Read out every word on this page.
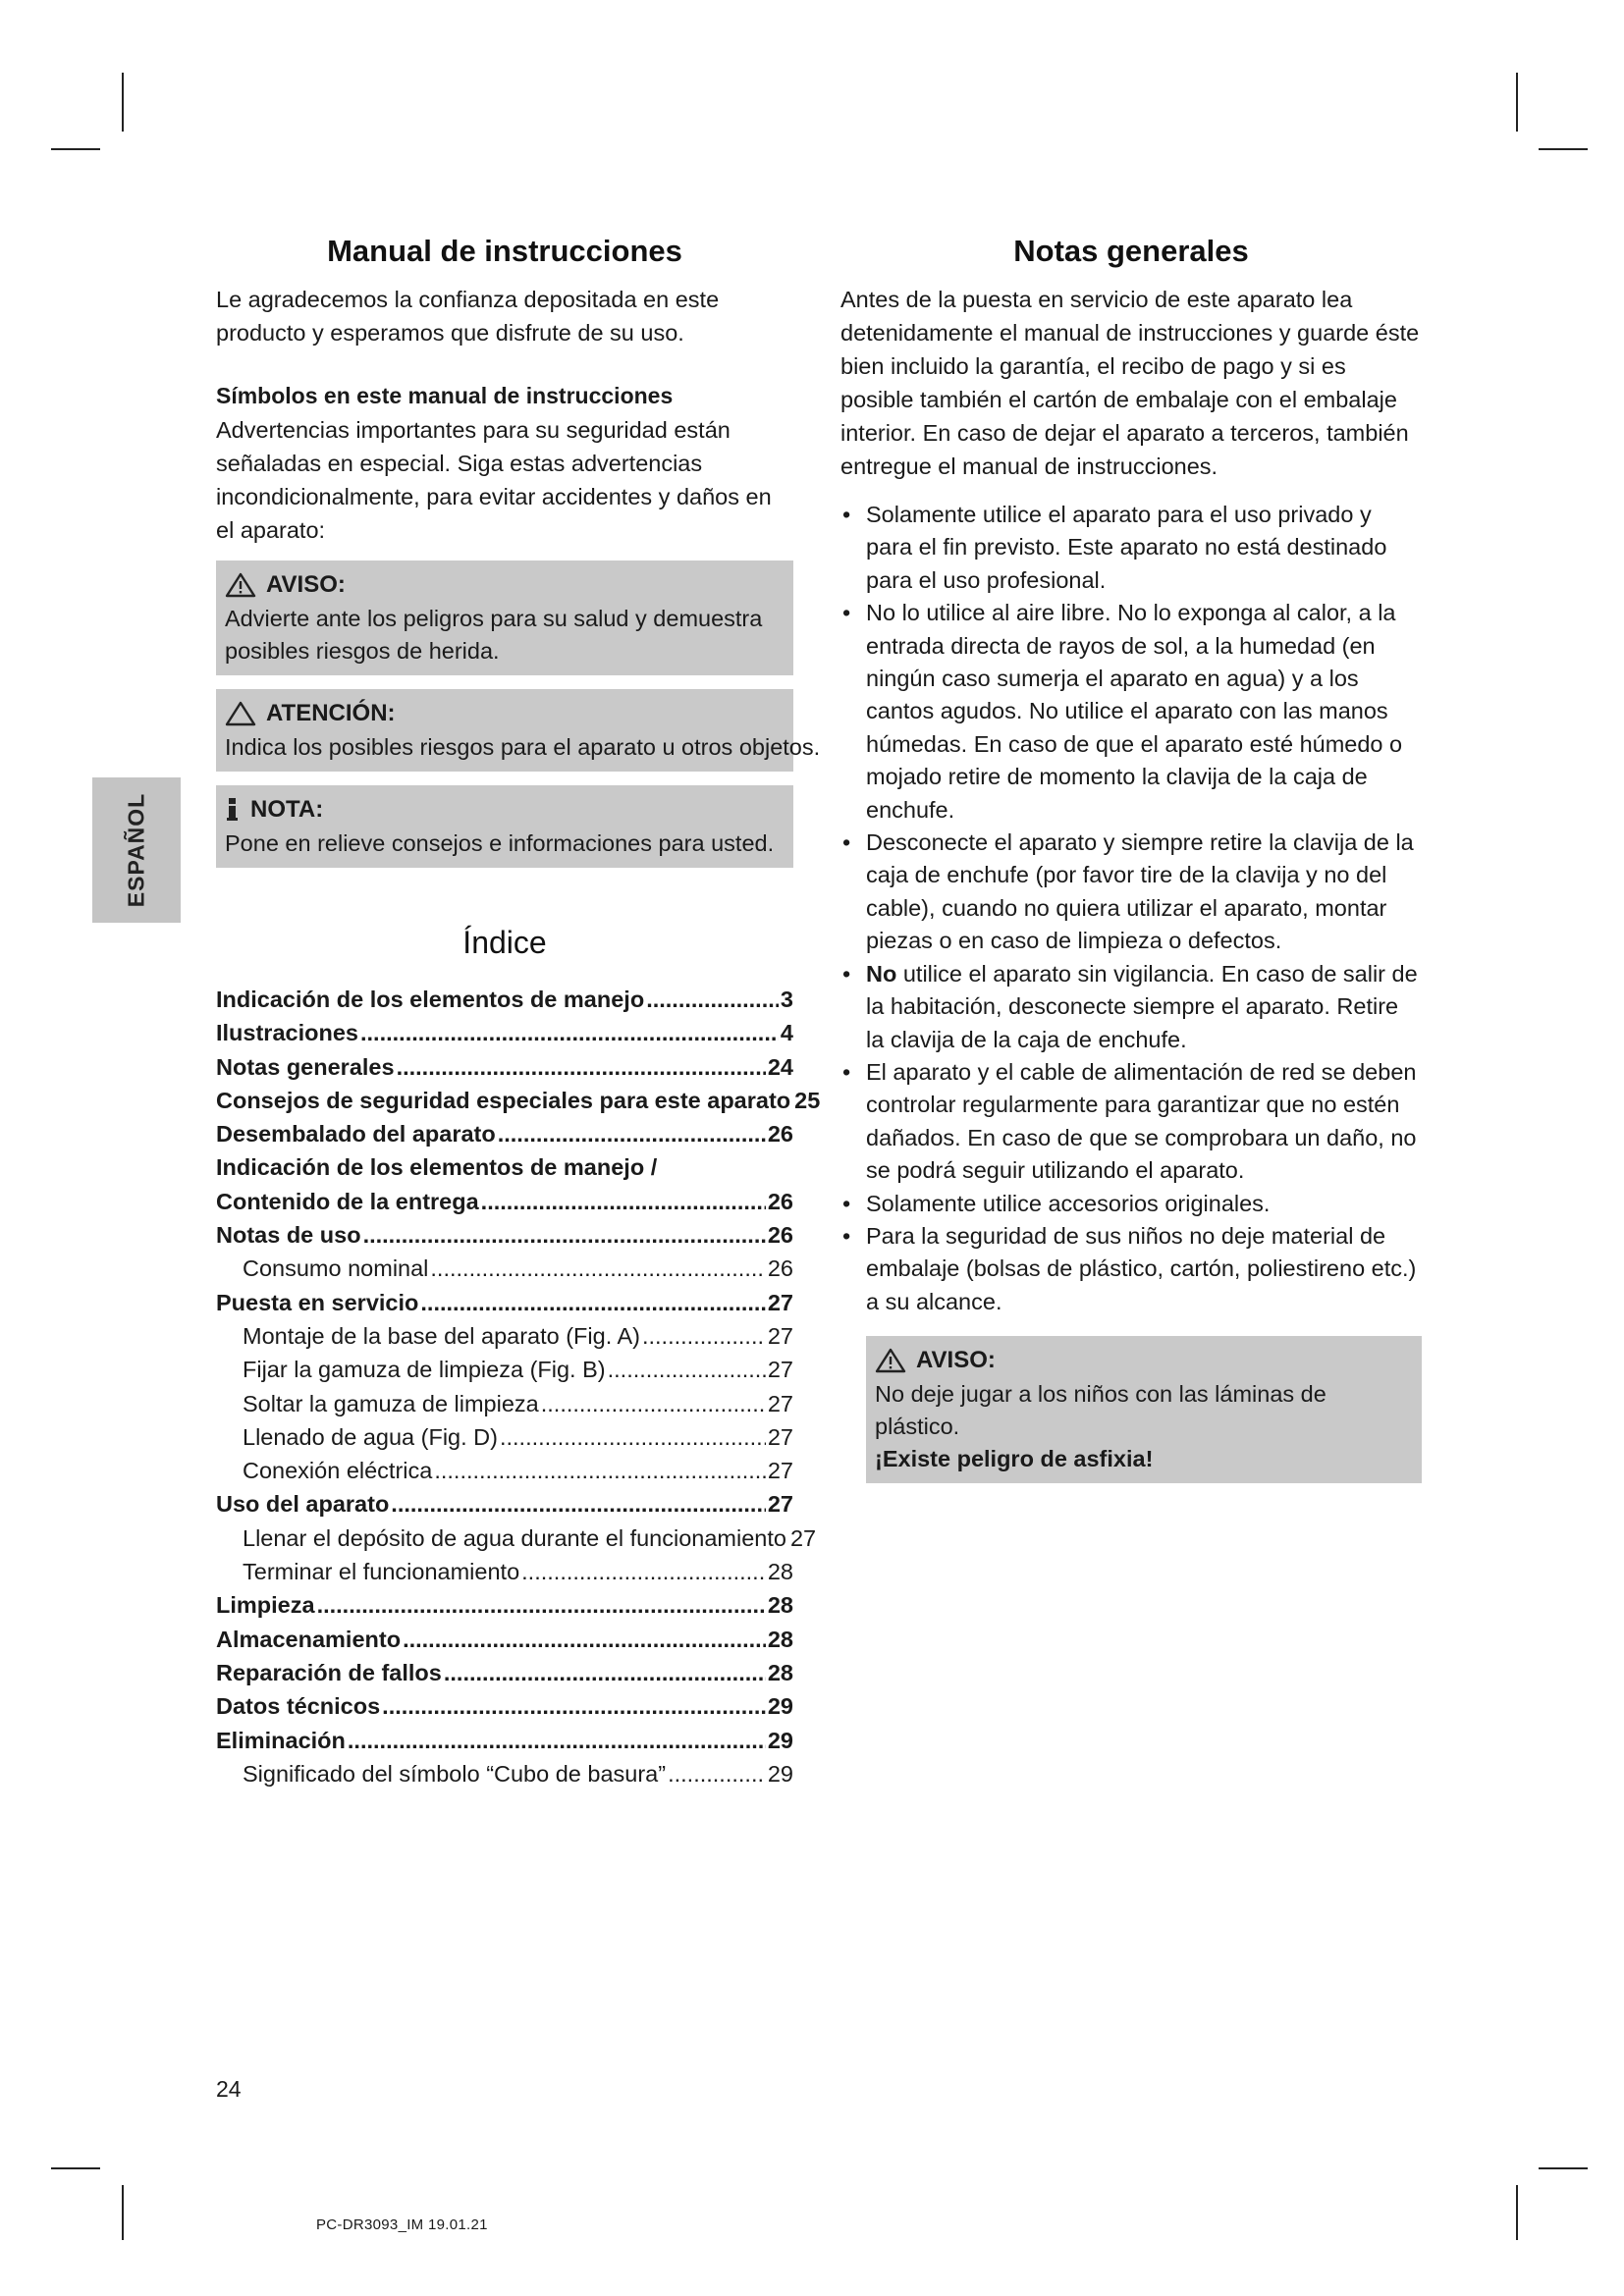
ESPAÑOL
Manual de instrucciones

Le agradecemos la confianza depositada en este producto y esperamos que disfrute de su uso.

Símbolos en este manual de instrucciones

Advertencias importantes para su seguridad están señaladas en especial. Siga estas advertencias incondicionalmente, para evitar accidentes y daños en el aparato:

AVISO:

Advierte ante los peligros para su salud y demuestra posibles riesgos de herida.

ATENCIÓN:

Indica los posibles riesgos para el aparato u otros objetos.

NOTA:

Pone en relieve consejos e informaciones para usted.

Índice
Indicación de los elementos de manejo .....	3
Ilustraciones .....	4
Notas generales .....	24
Consejos de seguridad especiales para este aparato 25
Desembalado del aparato .....	26
Indicación de los elementos de manejo /
Contenido de la entrega .....	26
Notas de uso .....	26
Consumo nominal .....	26
Puesta en servicio .....	27
Montaje de la base del aparato (Fig. A) .....	27
Fijar la gamuza de limpieza (Fig. B) .....	27
Soltar la gamuza de limpieza .....	27
Llenado de agua (Fig. D) .....	27
Conexión eléctrica .....	27
Uso del aparato .....	27
Llenar el depósito de agua durante el funcionamiento 27
Terminar el funcionamiento .....	28
Limpieza .....	28
Almacenamiento .....	28
Reparación de fallos .....	28
Datos técnicos .....	29
Eliminación .....	29
Significado del símbolo “Cubo de basura” .....	29
Notas generales

Antes de la puesta en servicio de este aparato lea detenidamente el manual de instrucciones y guarde éste bien incluido la garantía, el recibo de pago y si es posible también el cartón de embalaje con el embalaje interior. En caso de dejar el aparato a terceros, también entregue el manual de instrucciones.

• Solamente utilice el aparato para el uso privado y para el fin previsto. Este aparato no está destinado para el uso profesional.
• No lo utilice al aire libre. No lo exponga al calor, a la entrada directa de rayos de sol, a la humedad (en ningún caso sumerja el aparato en agua) y a los cantos agudos. No utilice el aparato con las manos húmedas. En caso de que el aparato esté húmedo o mojado retire de momento la clavija de la caja de enchufe.
• Desconecte el aparato y siempre retire la clavija de la caja de enchufe (por favor tire de la clavija y no del cable), cuando no quiera utilizar el aparato, montar piezas o en caso de limpieza o defectos.
• No utilice el aparato sin vigilancia. En caso de salir de la habitación, desconecte siempre el aparato. Retire la clavija de la caja de enchufe.
• El aparato y el cable de alimentación de red se deben controlar regularmente para garantizar que no estén dañados. En caso de que se comprobara un daño, no se podrá seguir utilizando el aparato.
• Solamente utilice accesorios originales.
• Para la seguridad de sus niños no deje material de embalaje (bolsas de plástico, cartón, poliestireno etc.) a su alcance.
AVISO:

No deje jugar a los niños con las láminas de plástico.

¡Existe peligro de asfixia!

24
PC-DR3093_IM 19.01.21
